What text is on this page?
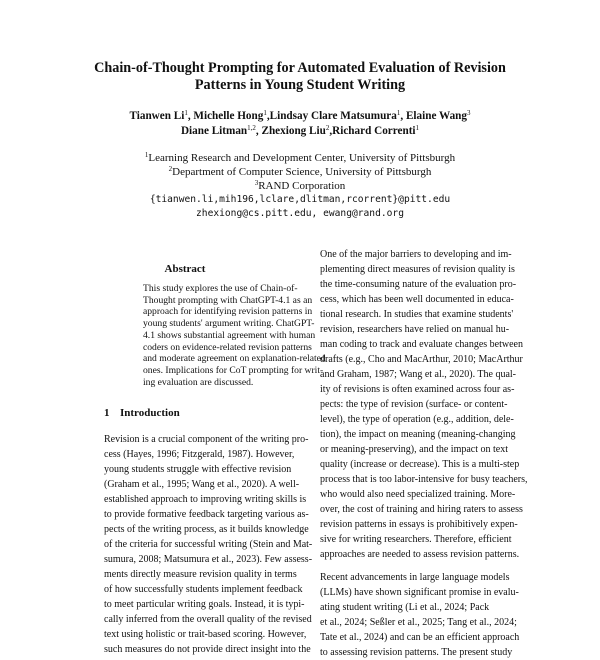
Chain-of-Thought Prompting for Automated Evaluation of Revision
Patterns in Young Student Writing
Tianwen Li$^1$, Michelle Hong$^1$,Lindsay Clare Matsumura$^1$, Elaine Wang$^3$
Diane Litman$^{1,2}$, Zhexiong Liu$^2$,Richard Correnti$^1$
$^1$Learning Research and Development Center, University of Pittsburgh
$^2$Department of Computer Science, University of Pittsburgh
$^3$RAND Corporation
{tianwen.li,mih196,lclare,dlitman,rcorrent}@pitt.edu
zhexiong@cs.pitt.edu, ewang@rand.org
Abstract
This study explores the use of Chain-of-
Thought prompting with ChatGPT-4.1 as an
approach for identifying revision patterns in
young students' argument writing. ChatGPT-
4.1 shows substantial agreement with human
coders on evidence-related revision patterns
and moderate agreement on explanation-related
ones. Implications for CoT prompting for writ-
ing evaluation are discussed.
1 Introduction
Revision is a crucial component of the writing pro-
cess (Hayes, 1996; Fitzgerald, 1987). However,
young students struggle with effective revision
(Graham et al., 1995; Wang et al., 2020). A well-
established approach to improving writing skills is
to provide formative feedback targeting various as-
pects of the writing process, as it builds knowledge
of the criteria for successful writing (Stein and Mat-
sumura, 2008; Matsumura et al., 2023). Few assess-
ments directly measure revision quality in terms
of how successfully students implement feedback
to meet particular writing goals. Instead, it is typi-
cally inferred from the overall quality of the revised
text using holistic or trait-based scoring. However,
such measures do not provide direct insight into the
One of the major barriers to developing and im-
plementing direct measures of revision quality is
the time-consuming nature of the evaluation pro-
cess, which has been well documented in educa-
tional research. In studies that examine students'
revision, researchers have relied on manual hu-
man coding to track and evaluate changes between
drafts (e.g., Cho and MacArthur, 2010; MacArthur
and Graham, 1987; Wang et al., 2020). The qual-
ity of revisions is often examined across four as-
pects: the type of revision (surface- or content-
level), the type of operation (e.g., addition, dele-
tion), the impact on meaning (meaning-changing
or meaning-preserving), and the impact on text
quality (increase or decrease). This is a multi-step
process that is too labor-intensive for busy teachers,
who would also need specialized training. More-
over, the cost of training and hiring raters to assess
revision patterns in essays is prohibitively expen-
sive for writing researchers. Therefore, efficient
approaches are needed to assess revision patterns.
Recent advancements in large language models
(LLMs) have shown significant promise in evalu-
ating student writing (Li et al., 2024; Pack
et al., 2024; Seßler et al., 2025; Tang et al., 2024;
Tate et al., 2024) and can be an efficient approach
to assessing revision patterns. The present study
